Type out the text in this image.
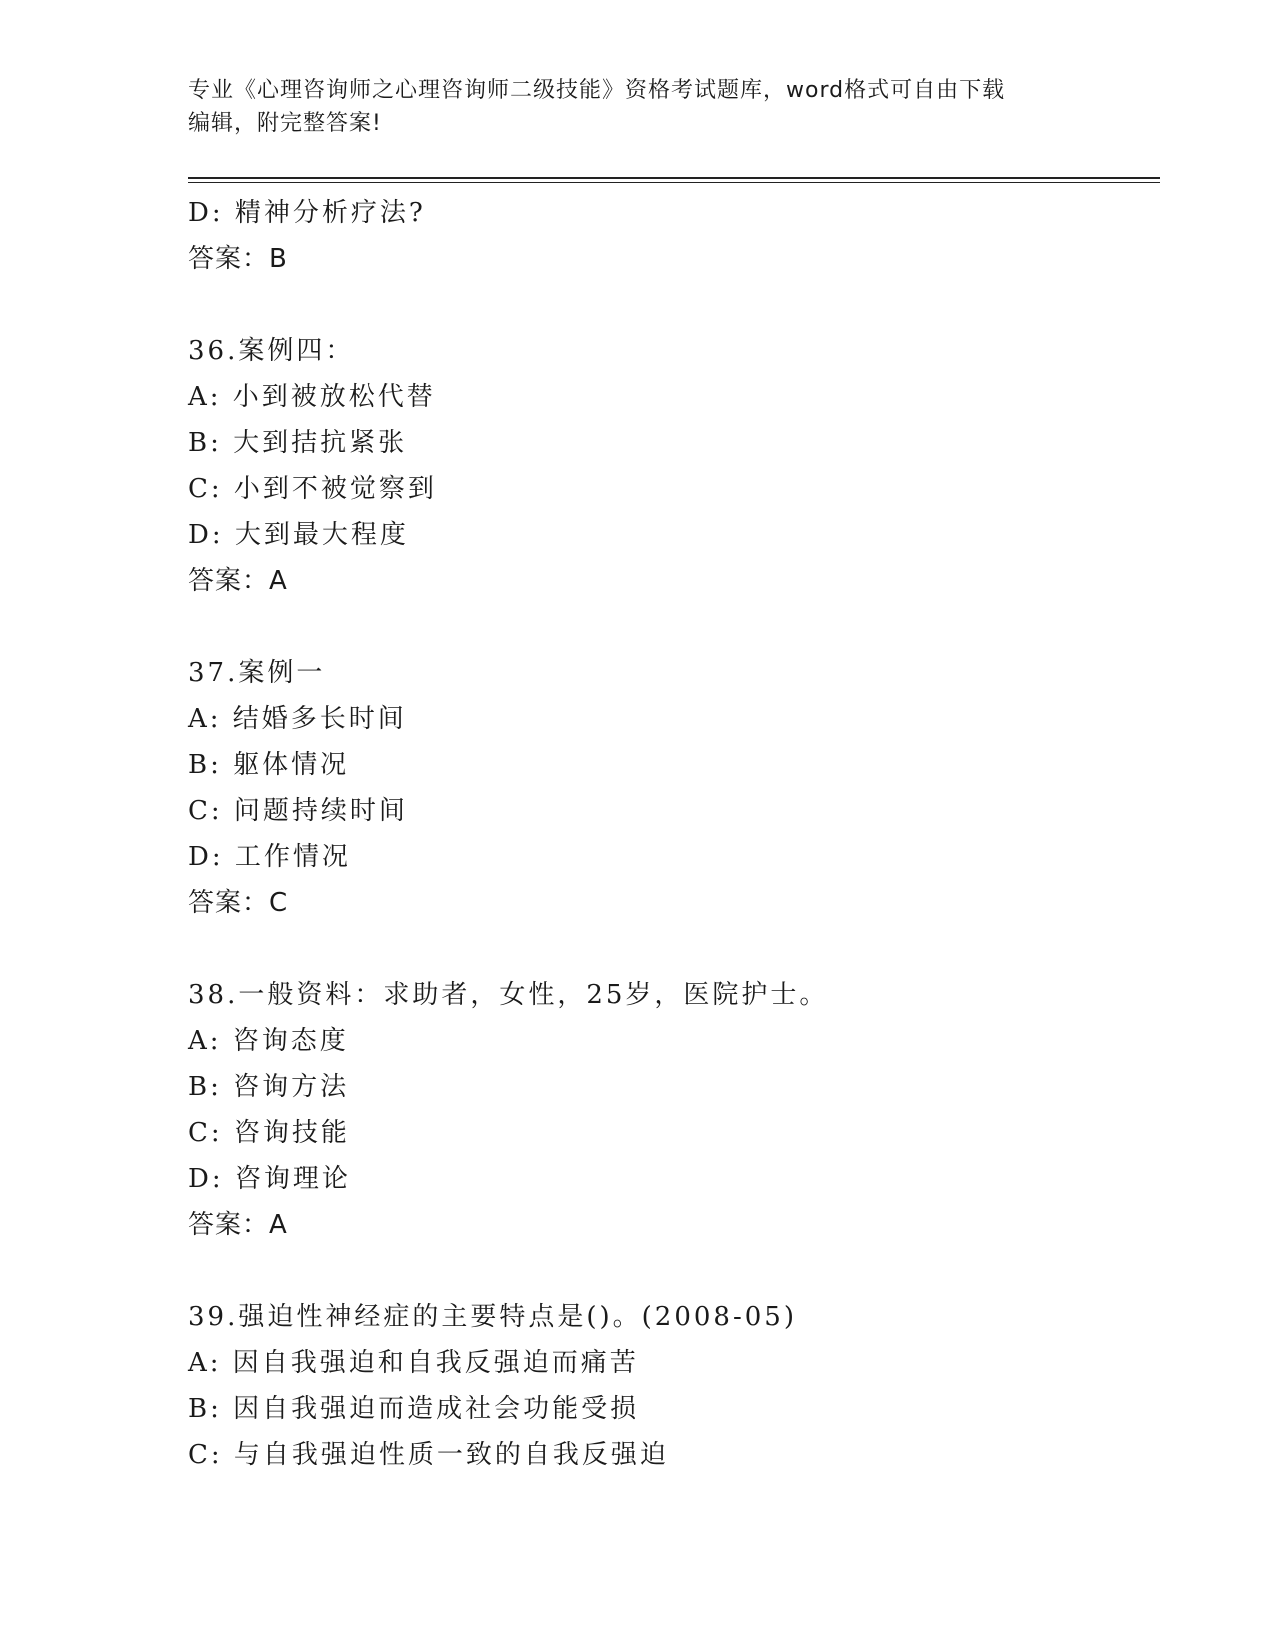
专业《心理咨询师之心理咨询师二级技能》资格考试题库，word格式可自由下载
编辑，附完整答案!
D: 精神分析疗法?
答案：B
36.案例四：
A: 小到被放松代替
B: 大到拮抗紧张
C: 小到不被觉察到
D: 大到最大程度
答案：A
37.案例一
A: 结婚多长时间
B: 躯体情况
C: 问题持续时间
D: 工作情况
答案：C
38.一般资料：求助者，女性，25岁，医院护士。
A: 咨询态度
B: 咨询方法
C: 咨询技能
D: 咨询理论
答案：A
39.强迫性神经症的主要特点是()。(2008-05)
A: 因自我强迫和自我反强迫而痛苦
B: 因自我强迫而造成社会功能受损
C: 与自我强迫性质一致的自我反强迫
